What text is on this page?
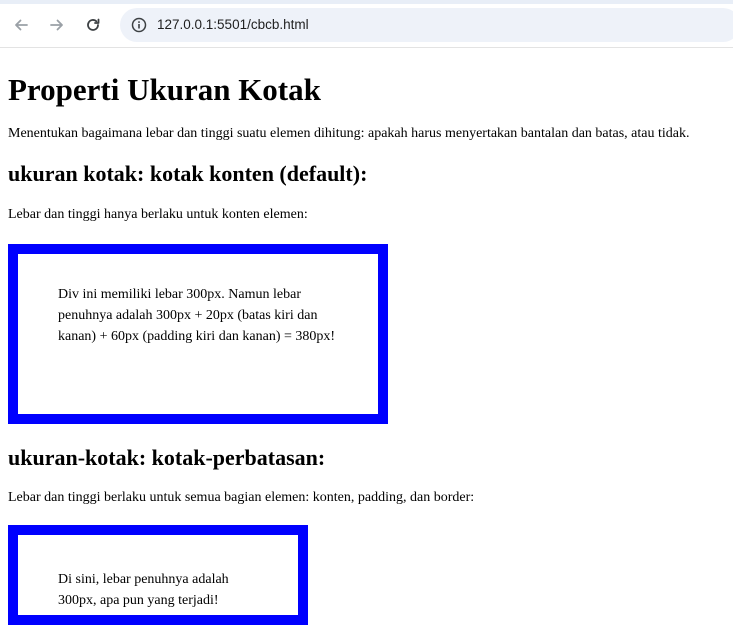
127.0.0.1:5501/cbcb.html
Properti Ukuran Kotak

Menentukan bagaimana lebar dan tinggi suatu elemen dihitung: apakah harus menyertakan bantalan dan batas, atau tidak.

ukuran kotak: kotak konten (default):

Lebar dan tinggi hanya berlaku untuk konten elemen:

Div ini memiliki lebar 300px. Namun lebar penuhnya adalah 300px + 20px (batas kiri dan kanan) + 60px (padding kiri dan kanan) = 380px!
ukuran-kotak: kotak-perbatasan:

Lebar dan tinggi berlaku untuk semua bagian elemen: konten, padding, dan border:

Di sini, lebar penuhnya adalah 300px, apa pun yang terjadi!
